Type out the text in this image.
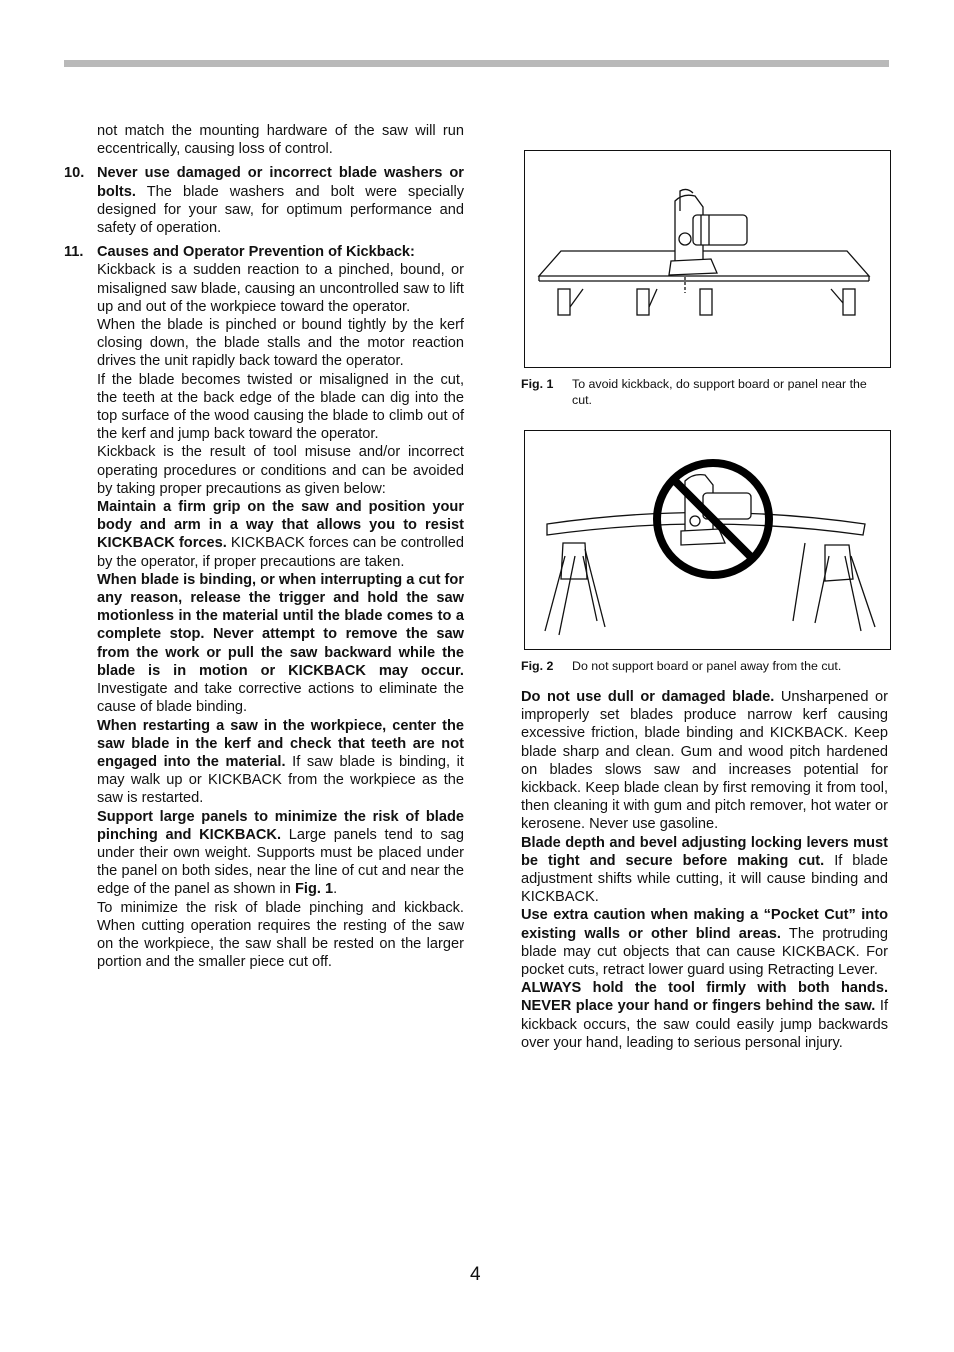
not match the mounting hardware of the saw will run eccentrically, causing loss of control.

10. Never use damaged or incorrect blade washers or bolts. The blade washers and bolt were specially designed for your saw, for optimum performance and safety of operation.

11. Causes and Operator Prevention of Kickback:

Kickback is a sudden reaction to a pinched, bound, or misaligned saw blade, causing an uncontrolled saw to lift up and out of the workpiece toward the operator.

When the blade is pinched or bound tightly by the kerf closing down, the blade stalls and the motor reaction drives the unit rapidly back toward the operator.

If the blade becomes twisted or misaligned in the cut, the teeth at the back edge of the blade can dig into the top surface of the wood causing the blade to climb out of the kerf and jump back toward the operator.

Kickback is the result of tool misuse and/or incorrect operating procedures or conditions and can be avoided by taking proper precautions as given below:

Maintain a firm grip on the saw and position your body and arm in a way that allows you to resist KICKBACK forces. KICKBACK forces can be controlled by the operator, if proper precautions are taken.

When blade is binding, or when interrupting a cut for any reason, release the trigger and hold the saw motionless in the material until the blade comes to a complete stop. Never attempt to remove the saw from the work or pull the saw backward while the blade is in motion or KICKBACK may occur. Investigate and take corrective actions to eliminate the cause of blade binding.

When restarting a saw in the workpiece, center the saw blade in the kerf and check that teeth are not engaged into the material. If saw blade is binding, it may walk up or KICKBACK from the workpiece as the saw is restarted.

Support large panels to minimize the risk of blade pinching and KICKBACK. Large panels tend to sag under their own weight. Supports must be placed under the panel on both sides, near the line of cut and near the edge of the panel as shown in Fig. 1.

To minimize the risk of blade pinching and kickback. When cutting operation requires the resting of the saw on the workpiece, the saw shall be rested on the larger portion and the smaller piece cut off.

Fig. 1	To avoid kickback, do support board or panel near the cut.
Fig. 2	Do not support board or panel away from the cut.

Do not use dull or damaged blade. Unsharpened or improperly set blades produce narrow kerf causing excessive friction, blade binding and KICKBACK. Keep blade sharp and clean. Gum and wood pitch hardened on blades slows saw and increases potential for kickback. Keep blade clean by first removing it from tool, then cleaning it with gum and pitch remover, hot water or kerosene. Never use gasoline.

Blade depth and bevel adjusting locking levers must be tight and secure before making cut. If blade adjustment shifts while cutting, it will cause binding and KICKBACK.

Use extra caution when making a “Pocket Cut” into existing walls or other blind areas. The protruding blade may cut objects that can cause KICKBACK. For pocket cuts, retract lower guard using Retracting Lever.

ALWAYS hold the tool firmly with both hands. NEVER place your hand or fingers behind the saw. If kickback occurs, the saw could easily jump backwards over your hand, leading to serious personal injury.

4
